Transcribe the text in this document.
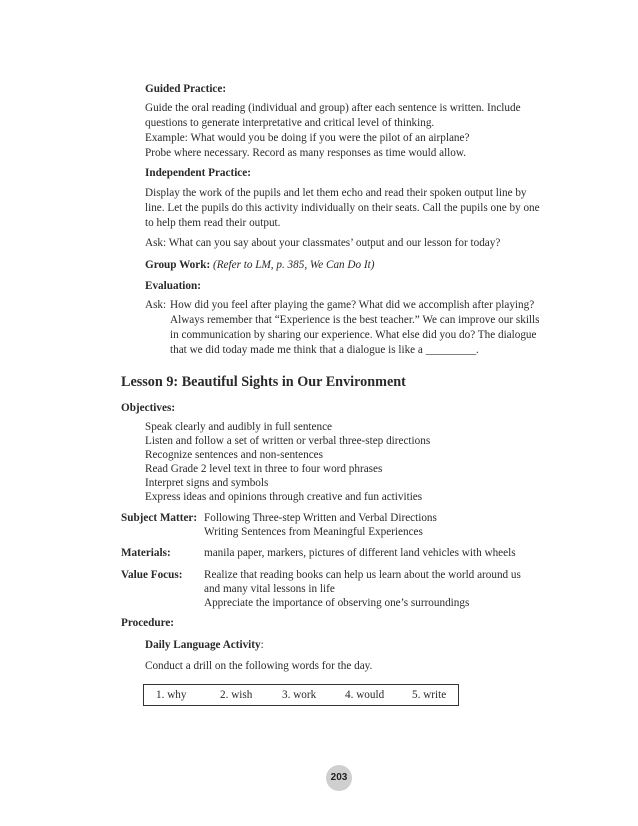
Guided Practice:
Guide the oral reading (individual and group) after each sentence is written. Include
questions to generate interpretative and critical level of thinking.
Example: What would you be doing if you were the pilot of an airplane?
Probe where necessary. Record as many responses as time would allow.
Independent Practice:
Display the work of the pupils and let them echo and read their spoken output line by
line. Let the pupils do this activity individually on their seats. Call the pupils one by one
to help them read their output.
Ask: What can you say about your classmates’ output and our lesson for today?
Group Work: (Refer to LM, p. 385, We Can Do It)
Evaluation:
Ask: How did you feel after playing the game? What did we accomplish after playing?
Always remember that “Experience is the best teacher.” We can improve our skills
in communication by sharing our experience. What else did you do? The dialogue
that we did today made me think that a dialogue is like a _________.
Lesson 9: Beautiful Sights in Our Environment
Objectives:
Speak clearly and audibly in full sentence
Listen and follow a set of written or verbal three-step directions
Recognize sentences and non-sentences
Read Grade 2 level text in three to four word phrases
Interpret signs and symbols
Express ideas and opinions through creative and fun activities
Subject Matter: Following Three-step Written and Verbal Directions
Writing Sentences from Meaningful Experiences
Materials:	manila paper, markers, pictures of different land vehicles with wheels
Value Focus: Realize that reading books can help us learn about the world around us
and many vital lessons in life
Appreciate the importance of observing one’s surroundings
Procedure:
Daily Language Activity:
Conduct a drill on the following words for the day.
1. why	2. wish	3. work	4. would 5. write
203
